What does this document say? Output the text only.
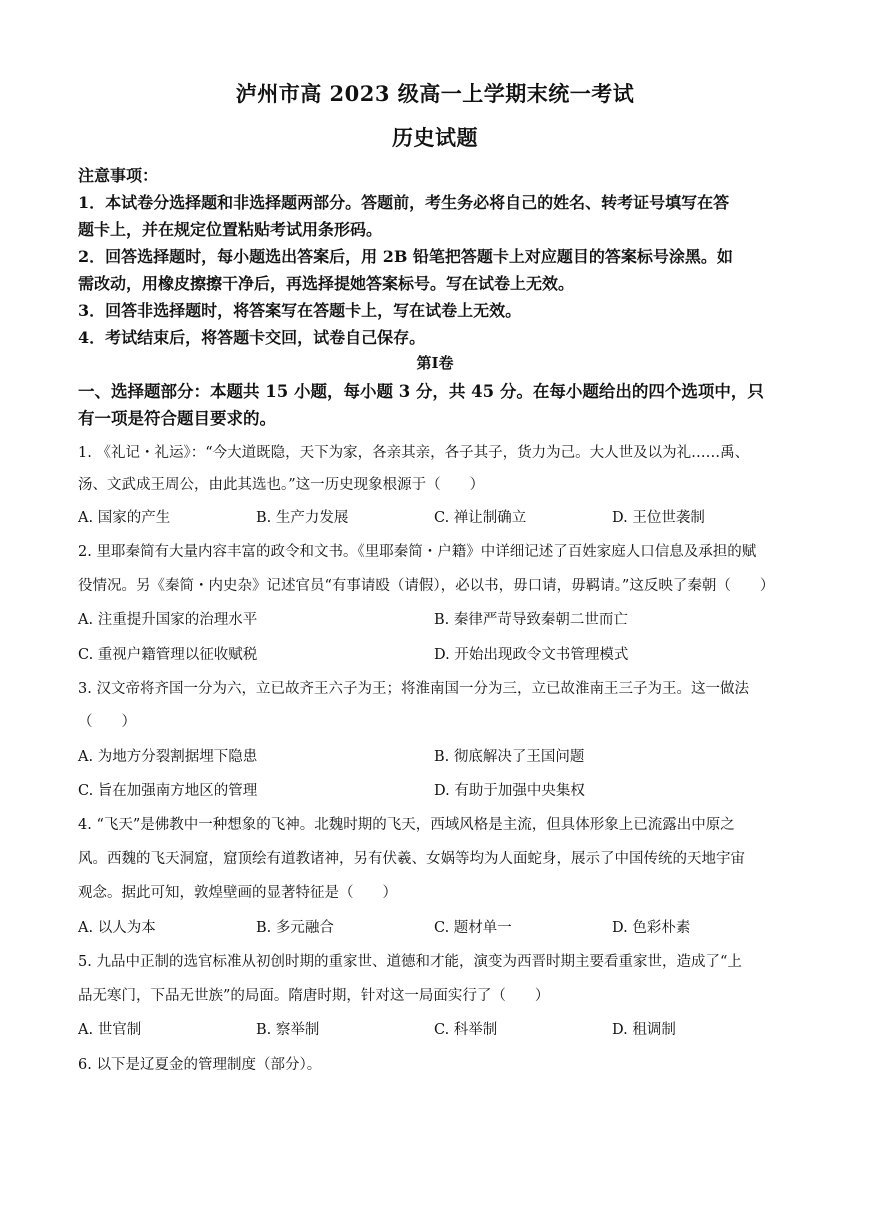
泸州市高 2023 级高一上学期末统一考试
历史试题
注意事项：
1．本试卷分选择题和非选择题两部分。答题前，考生务必将自己的姓名、转考证号填写在答
题卡上，并在规定位置粘贴考试用条形码。
2．回答选择题时，每小题选出答案后，用 2B 铅笔把答题卡上对应题目的答案标号涂黑。如
需改动，用橡皮擦擦干净后，再选择提她答案标号。写在试卷上无效。
3．回答非选择题时，将答案写在答题卡上，写在试卷上无效。
4．考试结束后，将答题卡交回，试卷自己保存。
第Ⅰ卷
一、选择题部分：本题共 15 小题，每小题 3 分，共 45 分。在每小题给出的四个选项中，只
有一项是符合题目要求的。
1. 《礼记・礼运》：“今大道既隐，天下为家，各亲其亲，各子其子，货力为己。大人世及以为礼……禹、
汤、文武成王周公，由此其选也。”这一历史现象根源于（　　）
A. 国家的产生	B. 生产力发展	C. 禅让制确立	D. 王位世袭制
2. 里耶秦简有大量内容丰富的政令和文书。《里耶秦简・户籍》中详细记述了百姓家庭人口信息及承担的赋
役情况。另《秦简・内史杂》记述官员“有事请殴（请假），必以书，毋口请，毋羁请。”这反映了秦朝（　　）
A. 注重提升国家的治理水平	B. 秦律严苛导致秦朝二世而亡
C. 重视户籍管理以征收赋税	D. 开始出现政令文书管理模式
3. 汉文帝将齐国一分为六，立已故齐王六子为王；将淮南国一分为三，立已故淮南王三子为王。这一做法
（　　）
A. 为地方分裂割据埋下隐患	B. 彻底解决了王国问题
C. 旨在加强南方地区的管理	D. 有助于加强中央集权
4. “飞天”是佛教中一种想象的飞神。北魏时期的飞天，西域风格是主流，但具体形象上已流露出中原之
风。西魏的飞天洞窟，窟顶绘有道教诸神，另有伏羲、女娲等均为人面蛇身，展示了中国传统的天地宇宙
观念。据此可知，敦煌壁画的显著特征是（　　）
A. 以人为本	B. 多元融合	C. 题材单一	D. 色彩朴素
5. 九品中正制的选官标准从初创时期的重家世、道德和才能，演变为西晋时期主要看重家世，造成了“上
品无寒门，下品无世族”的局面。隋唐时期，针对这一局面实行了（　　）
A. 世官制	B. 察举制	C. 科举制	D. 租调制
6. 以下是辽夏金的管理制度（部分）。
